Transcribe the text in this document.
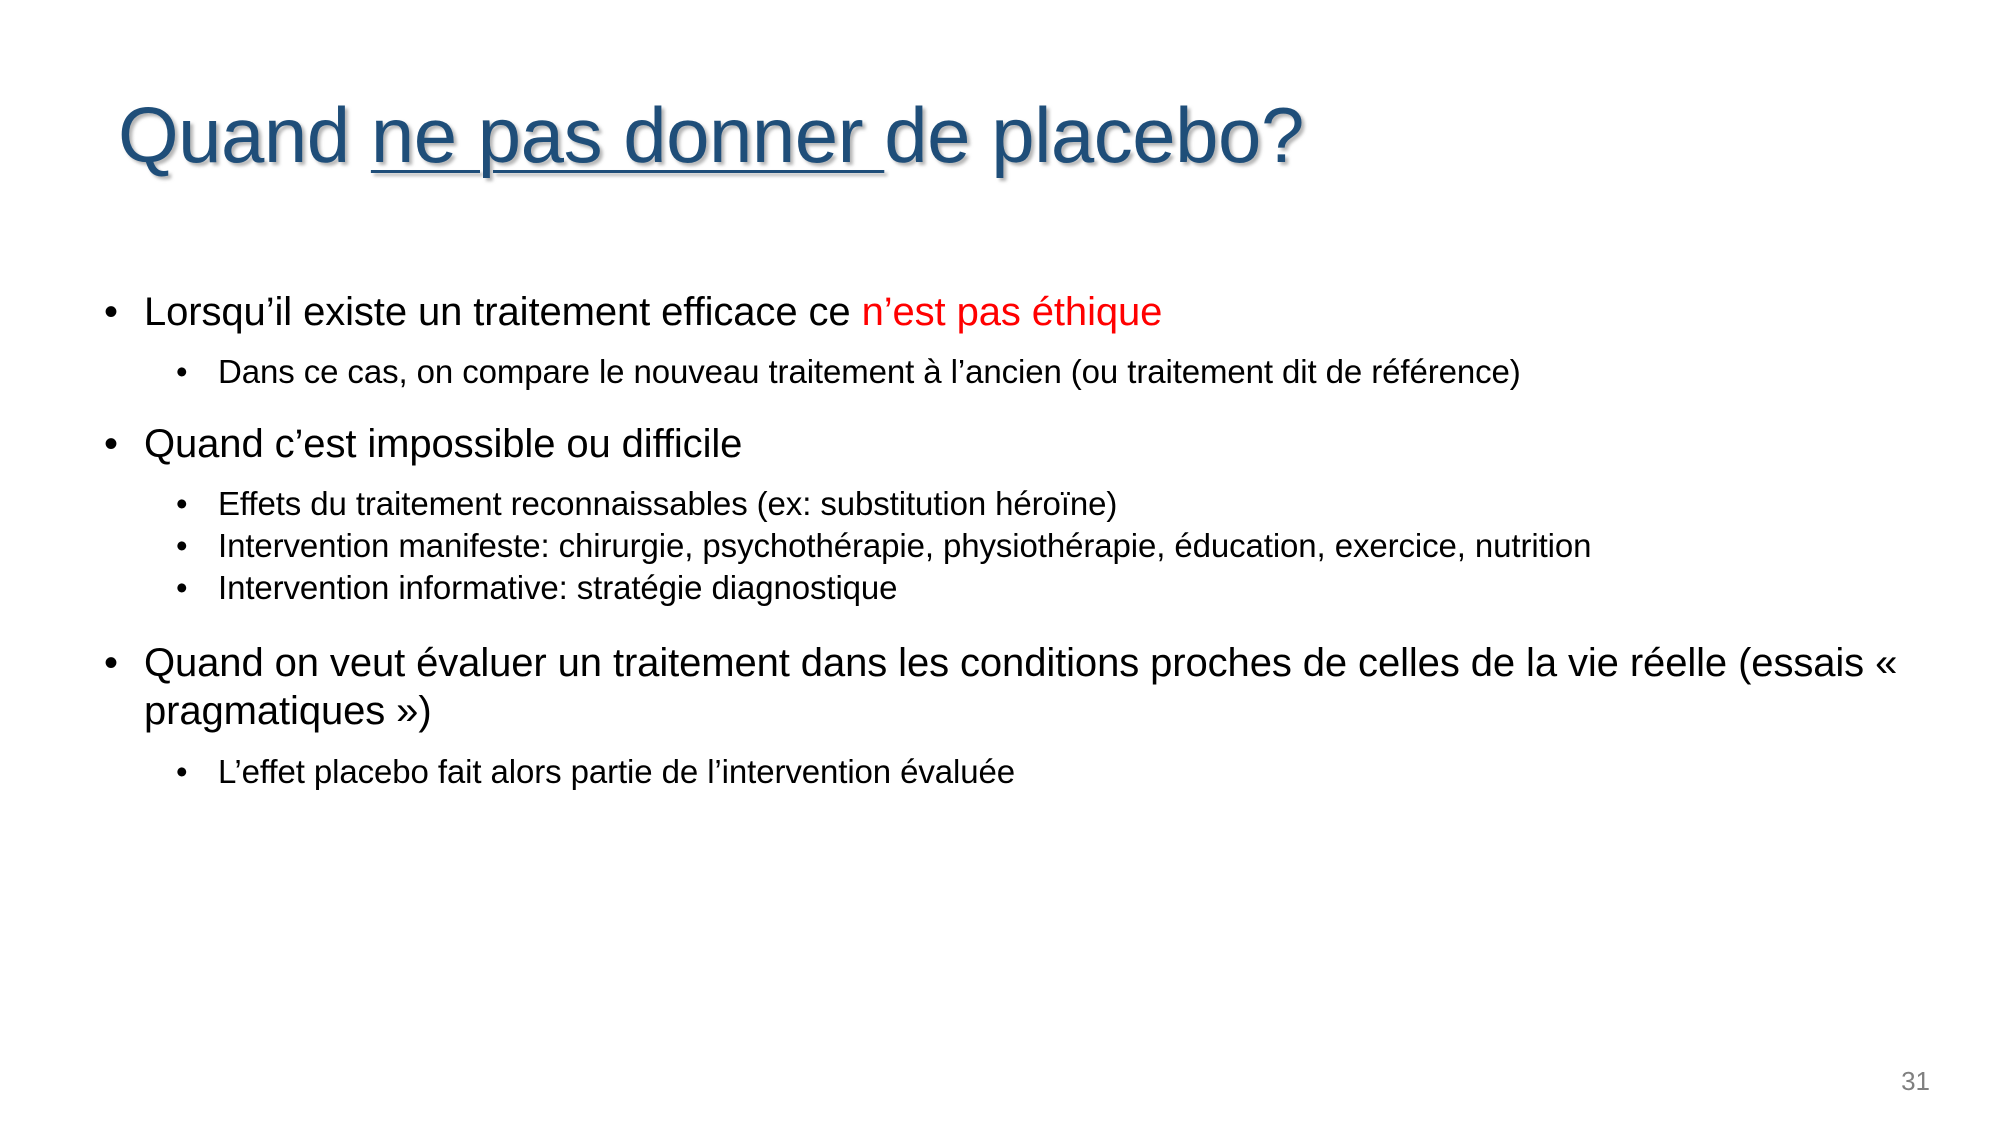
Quand ne pas donner de placebo?
• Lorsqu’il existe un traitement efficace ce n’est pas éthique
• Dans ce cas, on compare le nouveau traitement à l’ancien (ou traitement dit de référence)
• Quand c’est impossible ou difficile
• Effets du traitement reconnaissables (ex: substitution héroïne)
• Intervention manifeste: chirurgie, psychothérapie, physiothérapie, éducation, exercice, nutrition
• Intervention informative: stratégie diagnostique
• Quand on veut évaluer un traitement dans les conditions proches de celles de la vie réelle (essais « pragmatiques »)
• L’effet placebo fait alors partie de l’intervention évaluée
31
